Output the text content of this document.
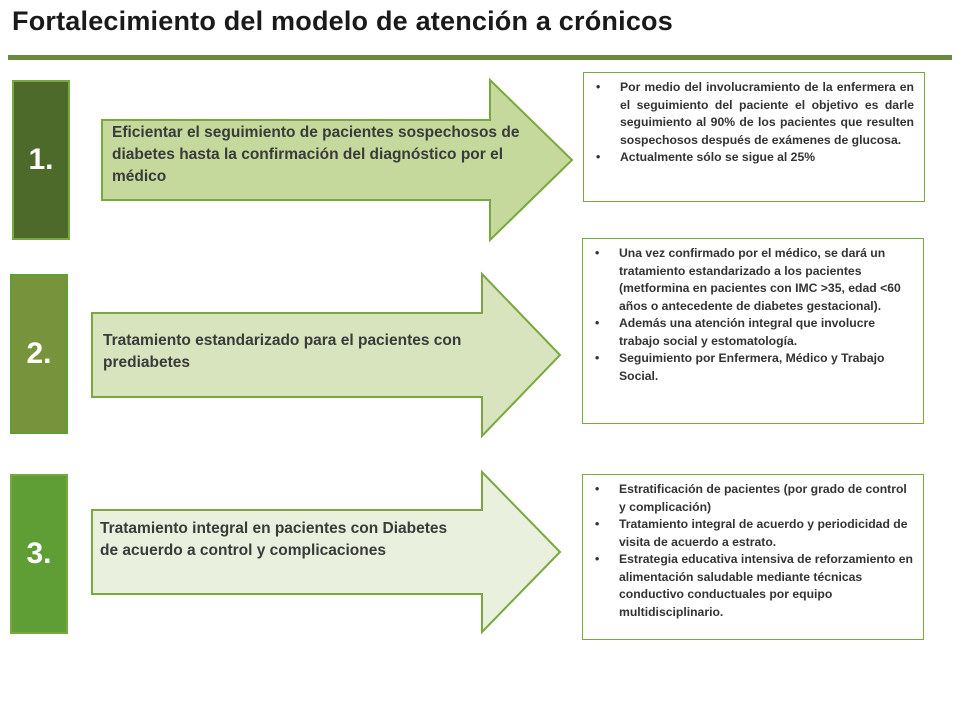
Fortalecimiento del modelo de atención a crónicos
1.
Eficientar el seguimiento de pacientes sospechosos de diabetes hasta la confirmación del diagnóstico por el médico
• Por medio del involucramiento de la enfermera en el seguimiento del paciente el objetivo es darle seguimiento al 90% de los pacientes que resulten sospechosos después de exámenes de glucosa.
• Actualmente sólo se sigue al 25%
2.	Tratamiento estandarizado para el pacientes con prediabetes
• Una vez confirmado por el médico, se dará un tratamiento estandarizado a los pacientes (metformina en pacientes con IMC >35, edad <60 años o antecedente de diabetes gestacional).
• Además una atención integral que involucre trabajo social y estomatología.
• Seguimiento por Enfermera, Médico y Trabajo Social.
3.
Tratamiento integral en pacientes con Diabetes de acuerdo a control y complicaciones
• Estratificación de pacientes (por grado de control y complicación)
• Tratamiento integral de acuerdo y periodicidad de visita de acuerdo a estrato.
• Estrategia educativa intensiva de reforzamiento en alimentación saludable mediante técnicas conductivo conductuales por equipo multidisciplinario.
